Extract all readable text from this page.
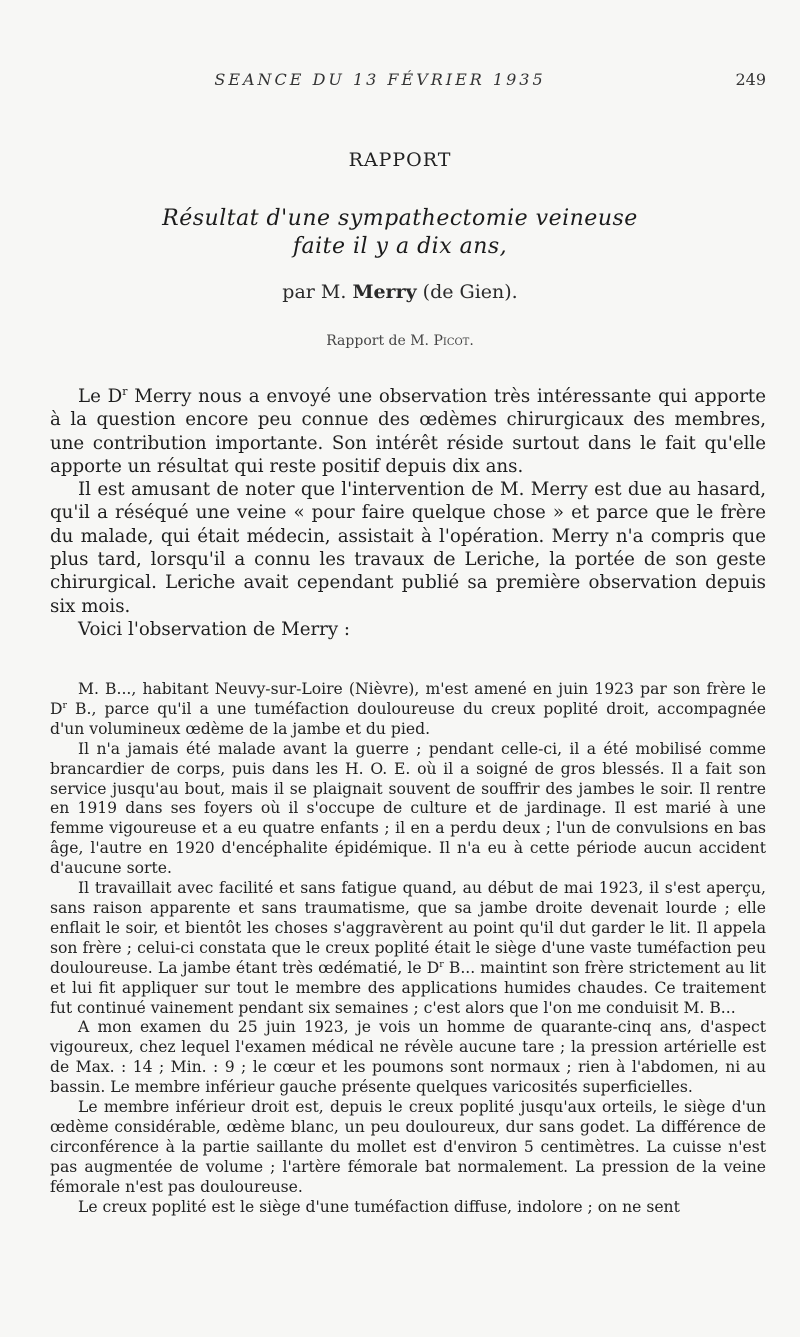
SEANCE DU 13 FÉVRIER 1935	249
RAPPORT
Résultat d'une sympathectomie veineuse
faite il y a dix ans,
par M. Merry (de Gien).
Rapport de M. Picot.

Le $D^r$ Merry nous a envoyé une observation très intéressante qui apporte à la question encore peu connue des œdèmes chirurgicaux des membres, une contribution importante. Son intérêt réside surtout dans le fait qu'elle apporte un résultat qui reste positif depuis dix ans.

Il est amusant de noter que l'intervention de M. Merry est due au hasard, qu'il a réséqué une veine « pour faire quelque chose » et parce que le frère du malade, qui était médecin, assistait à l'opération. Merry n'a compris que plus tard, lorsqu'il a connu les travaux de Leriche, la portée de son geste chirurgical. Leriche avait cependant publié sa première observation depuis six mois.

Voici l'observation de Merry :

M. B..., habitant Neuvy-sur-Loire (Nièvre), m'est amené en juin 1923 par son frère le $D^r$ B., parce qu'il a une tuméfaction douloureuse du creux poplité droit, accompagnée d'un volumineux œdème de la jambe et du pied.

Il n'a jamais été malade avant la guerre ; pendant celle-ci, il a été mobilisé comme brancardier de corps, puis dans les H. O. E. où il a soigné de gros blessés. Il a fait son service jusqu'au bout, mais il se plaignait souvent de souffrir des jambes le soir. Il rentre en 1919 dans ses foyers où il s'occupe de culture et de jardinage. Il est marié à une femme vigoureuse et a eu quatre enfants ; il en a perdu deux ; l'un de convulsions en bas âge, l'autre en 1920 d'encéphalite épidémique. Il n'a eu à cette période aucun accident d'aucune sorte.

Il travaillait avec facilité et sans fatigue quand, au début de mai 1923, il s'est aperçu, sans raison apparente et sans traumatisme, que sa jambe droite devenait lourde ; elle enflait le soir, et bientôt les choses s'aggravèrent au point qu'il dut garder le lit. Il appela son frère ; celui-ci constata que le creux poplité était le siège d'une vaste tuméfaction peu douloureuse. La jambe étant très œdématié, le $D^r$ B... maintint son frère strictement au lit et lui fit appliquer sur tout le membre des applications humides chaudes. Ce traitement fut continué vainement pendant six semaines ; c'est alors que l'on me conduisit M. B...

A mon examen du 25 juin 1923, je vois un homme de quarante-cinq ans, d'aspect vigoureux, chez lequel l'examen médical ne révèle aucune tare ; la pression artérielle est de Max. : 14 ; Min. : 9 ; le cœur et les poumons sont normaux ; rien à l'abdomen, ni au bassin. Le membre inférieur gauche présente quelques varicosités superficielles.

Le membre inférieur droit est, depuis le creux poplité jusqu'aux orteils, le siège d'un œdème considérable, œdème blanc, un peu douloureux, dur sans godet. La différence de circonférence à la partie saillante du mollet est d'environ 5 centimètres. La cuisse n'est pas augmentée de volume ; l'artère fémorale bat normalement. La pression de la veine fémorale n'est pas douloureuse.

Le creux poplité est le siège d'une tuméfaction diffuse, indolore ; on ne sent
